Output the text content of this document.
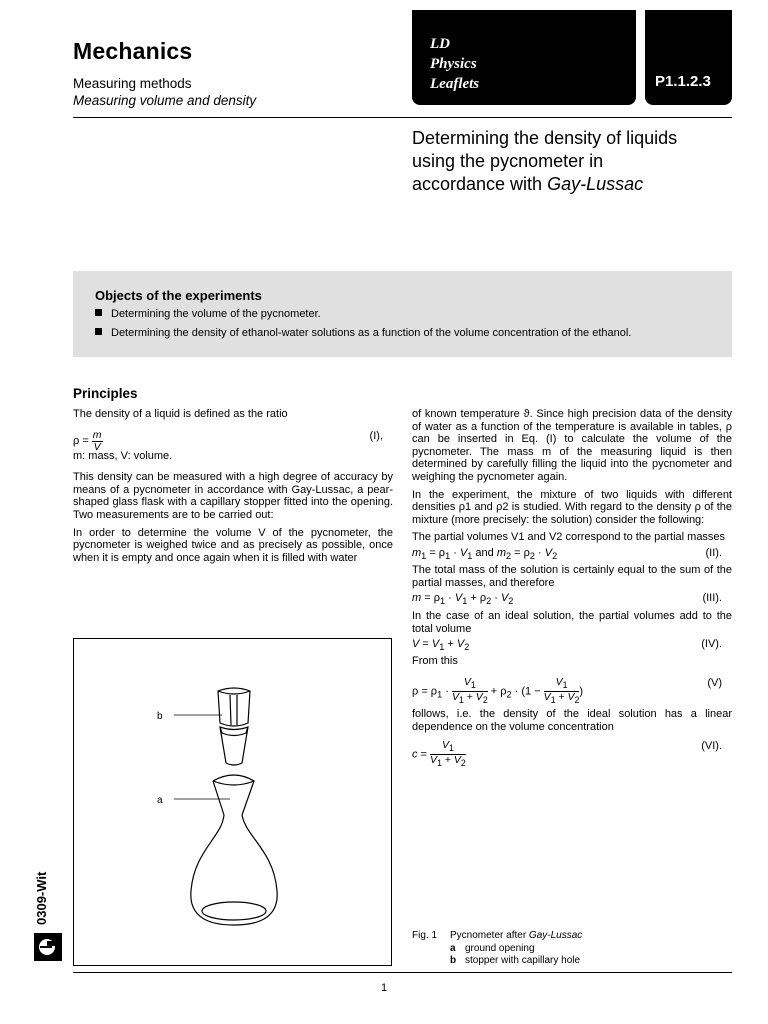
Mechanics
Measuring methods
Measuring volume and density
LD
Physics
Leaflets	P1.1.2.3
Determining the density of liquids
using the pycnometer in
accordance with Gay-Lussac
Objects of the experiments
Determining the volume of the pycnometer.
Determining the density of ethanol-water solutions as a function of the volume concentration of the ethanol.
Principles

The density of a liquid is defined as the ratio

$\rho = \frac{m}{V}$	(I),

m: mass, V: volume.

This density can be measured with a high degree of accuracy by means of a pycnometer in accordance with Gay-Lussac, a pear-shaped glass flask with a capillary stopper fitted into the opening. Two measurements are to be carried out:

In order to determine the volume V of the pycnometer, the pycnometer is weighed twice and as precisely as possible, once when it is empty and once again when it is filled with water

of known temperature ϑ. Since high precision data of the density of water as a function of the temperature is available in tables, ρ can be inserted in Eq. (I) to calculate the volume of the pycnometer. The mass m of the measuring liquid is then determined by carefully filling the liquid into the pycnometer and weighing the pycnometer again.

In the experiment, the mixture of two liquids with different densities ρ1 and ρ2 is studied. With regard to the density ρ of the mixture (more precisely: the solution) consider the following:

The partial volumes V1 and V2 correspond to the partial masses

$m_1 = \rho_1 \cdot V_1$ and $m_2 = \rho_2 \cdot V_2$	(II).

The total mass of the solution is certainly equal to the sum of the partial masses, and therefore

$m = \rho_1 \cdot V_1 + \rho_2 \cdot V_2$	(III).

In the case of an ideal solution, the partial volumes add to the total volume

$V = V_1 + V_2$	(IV).

From this

$\rho = \rho_1 \cdot \frac{V_1}{V_1 + V_2} + \rho_2 \cdot (1 - \frac{V_1}{V_1 + V_2}$ )
(V)

follows, i.e. the density of the ideal solution has a linear dependence on the volume concentration

$c = \frac{V_1}{V_1 + V_2}$	(VI).
b
a
Fig. 1 Pycnometer after Gay-Lussac
a ground opening
b stopper with capillary hole
1
0309-Wit
